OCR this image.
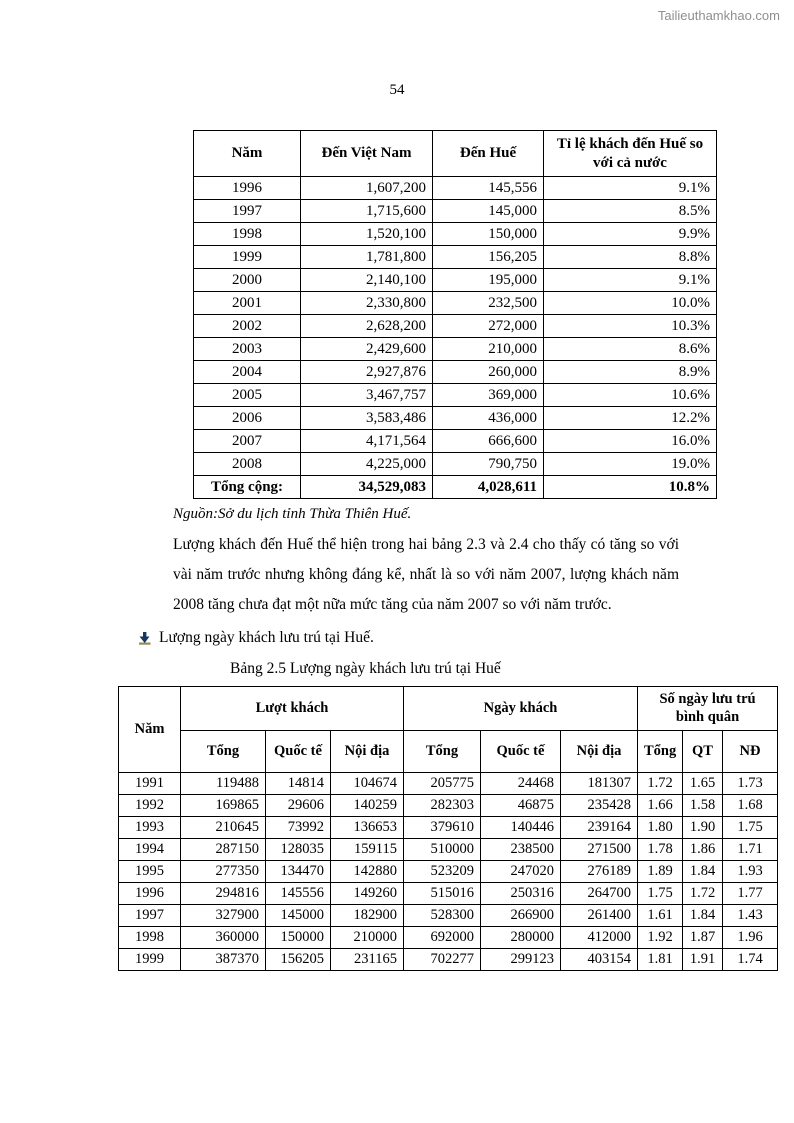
Tailieuthamkhao.com
54
Năm	Đến Việt Nam	Đến Huế	Tỉ lệ khách đến Huế so với cả nước
1996	1,607,200	145,556	9.1%
1997	1,715,600	145,000	8.5%
1998	1,520,100	150,000	9.9%
1999	1,781,800	156,205	8.8%
2000	2,140,100	195,000	9.1%
2001	2,330,800	232,500	10.0%
2002	2,628,200	272,000	10.3%
2003	2,429,600	210,000	8.6%
2004	2,927,876	260,000	8.9%
2005	3,467,757	369,000	10.6%
2006	3,583,486	436,000	12.2%
2007	4,171,564	666,600	16.0%
2008	4,225,000	790,750	19.0%
Tổng cộng:	34,529,083	4,028,611	10.8%
Nguồn:Sở du lịch tỉnh Thừa Thiên Huế.

Lượng khách đến Huế thể hiện trong hai bảng 2.3 và 2.4 cho thấy có tăng so với vài năm trước nhưng không đáng kể, nhất là so với năm 2007, lượng khách năm 2008 tăng chưa đạt một nữa mức tăng của năm 2007 so với năm trước.

Lượng ngày khách lưu trú tại Huế.
Bảng 2.5 Lượng ngày khách lưu trú tại Huế
Năm	Lượt khách			Ngày khách			Số ngày lưu trú bình quân		
	Tổng	Quốc tế	Nội địa	Tổng	Quốc tế	Nội địa	Tổng	QT	NĐ
1991	119488	14814	104674	205775	24468	181307	1.72	1.65	1.73
1992	169865	29606	140259	282303	46875	235428	1.66	1.58	1.68
1993	210645	73992	136653	379610	140446	239164	1.80	1.90	1.75
1994	287150	128035	159115	510000	238500	271500	1.78	1.86	1.71
1995	277350	134470	142880	523209	247020	276189	1.89	1.84	1.93
1996	294816	145556	149260	515016	250316	264700	1.75	1.72	1.77
1997	327900	145000	182900	528300	266900	261400	1.61	1.84	1.43
1998	360000	150000	210000	692000	280000	412000	1.92	1.87	1.96
1999	387370	156205	231165	702277	299123	403154	1.81	1.91	1.74
